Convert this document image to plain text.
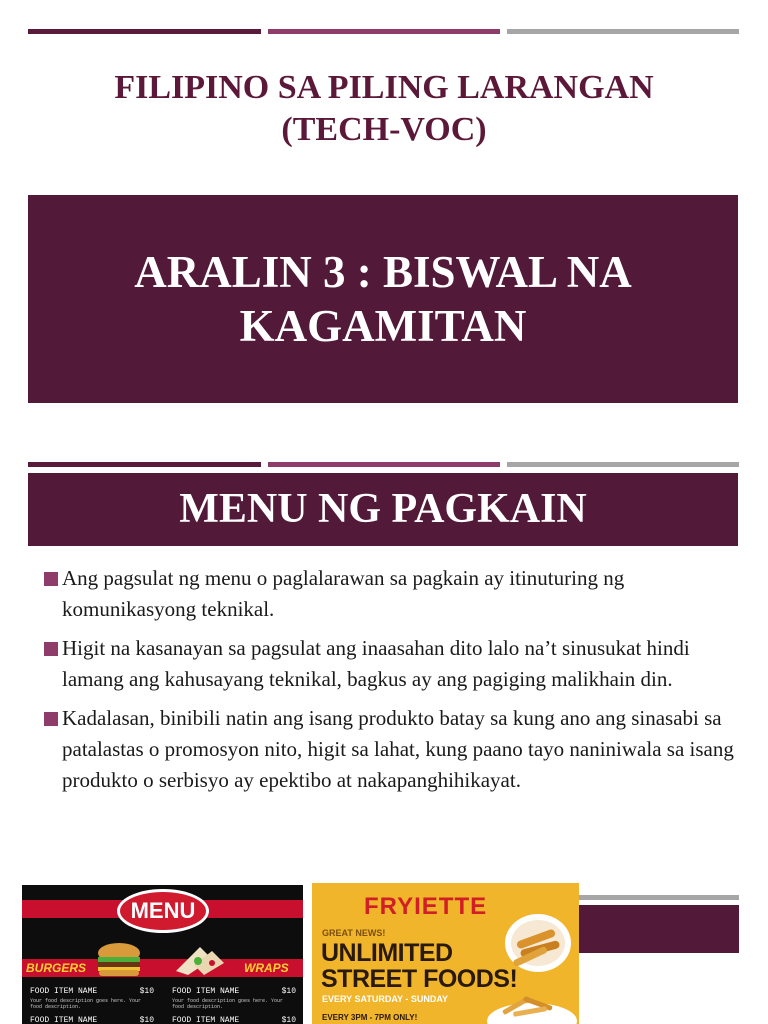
FILIPINO SA PILING LARANGAN
(TECH-VOC)
ARALIN 3 : BISWAL NA
KAGAMITAN
MENU NG PAGKAIN
Ang pagsulat ng menu o paglalarawan sa pagkain ay itinuturing ng komunikasyong teknikal.
Higit na kasanayan sa pagsulat ang inaasahan dito lalo na’t sinusukat hindi lamang ang kahusayang teknikal, bagkus ay ang pagiging malikhain din.
Kadalasan, binibili natin ang isang produkto batay sa kung ano ang sinasabi sa patalastas o promosyon nito, higit sa lahat, kung paano tayo naniniwala sa isang produkto o serbisyo ay epektibo at nakapanghihikayat.
MENU
BURGERS	WRAPS
FOOD ITEM NAME	$10
Your food description goes here. Your food description.
FOOD ITEM NAME	$10
Your food description goes here. Your food description.
FOOD ITEM NAME	$10 FOOD ITEM NAME	$10
FRYIETTE
GREAT NEWS!
UNLIMITED
STREET FOODS!
EVERY SATURDAY - SUNDAY
EVERY 3PM - 7PM ONLY!
